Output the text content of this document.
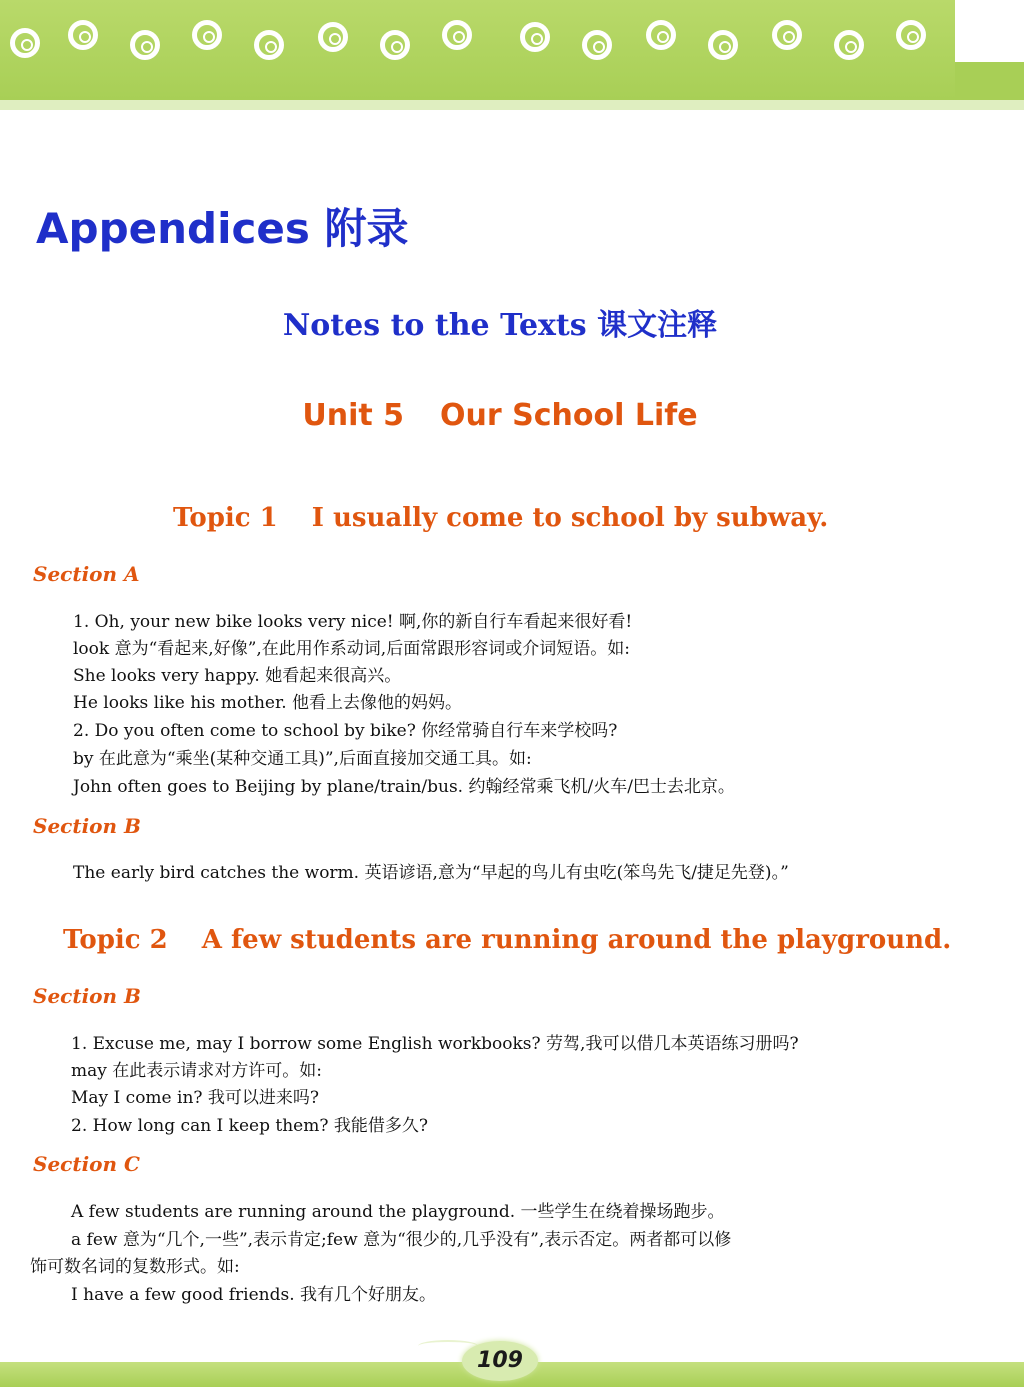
Appendices 附录
Notes to the Texts 课文注释
Unit 5 Our School Life
Topic 1 I usually come to school by subway.
Section A
1. Oh, your new bike looks very nice! 啊,你的新自行车看起来很好看!
look 意为“看起来,好像”,在此用作系动词,后面常跟形容词或介词短语。如:
She looks very happy. 她看起来很高兴。
He looks like his mother. 他看上去像他的妈妈。
2. Do you often come to school by bike? 你经常骑自行车来学校吗?
by 在此意为“乘坐(某种交通工具)”,后面直接加交通工具。如:
John often goes to Beijing by plane/train/bus. 约翰经常乘飞机/火车/巴士去北京。
Section B
The early bird catches the worm. 英语谚语,意为“早起的鸟儿有虫吃(笨鸟先飞/捷足先登)。”
Topic 2 A few students are running around the playground.
Section B
1. Excuse me, may I borrow some English workbooks? 劳驾,我可以借几本英语练习册吗?
may 在此表示请求对方许可。如:
May I come in? 我可以进来吗?
2. How long can I keep them? 我能借多久?
Section C
A few students are running around the playground. 一些学生在绕着操场跑步。
a few 意为“几个,一些”,表示肯定;few 意为“很少的,几乎没有”,表示否定。两者都可以修
饰可数名词的复数形式。如:
I have a few good friends. 我有几个好朋友。
109
